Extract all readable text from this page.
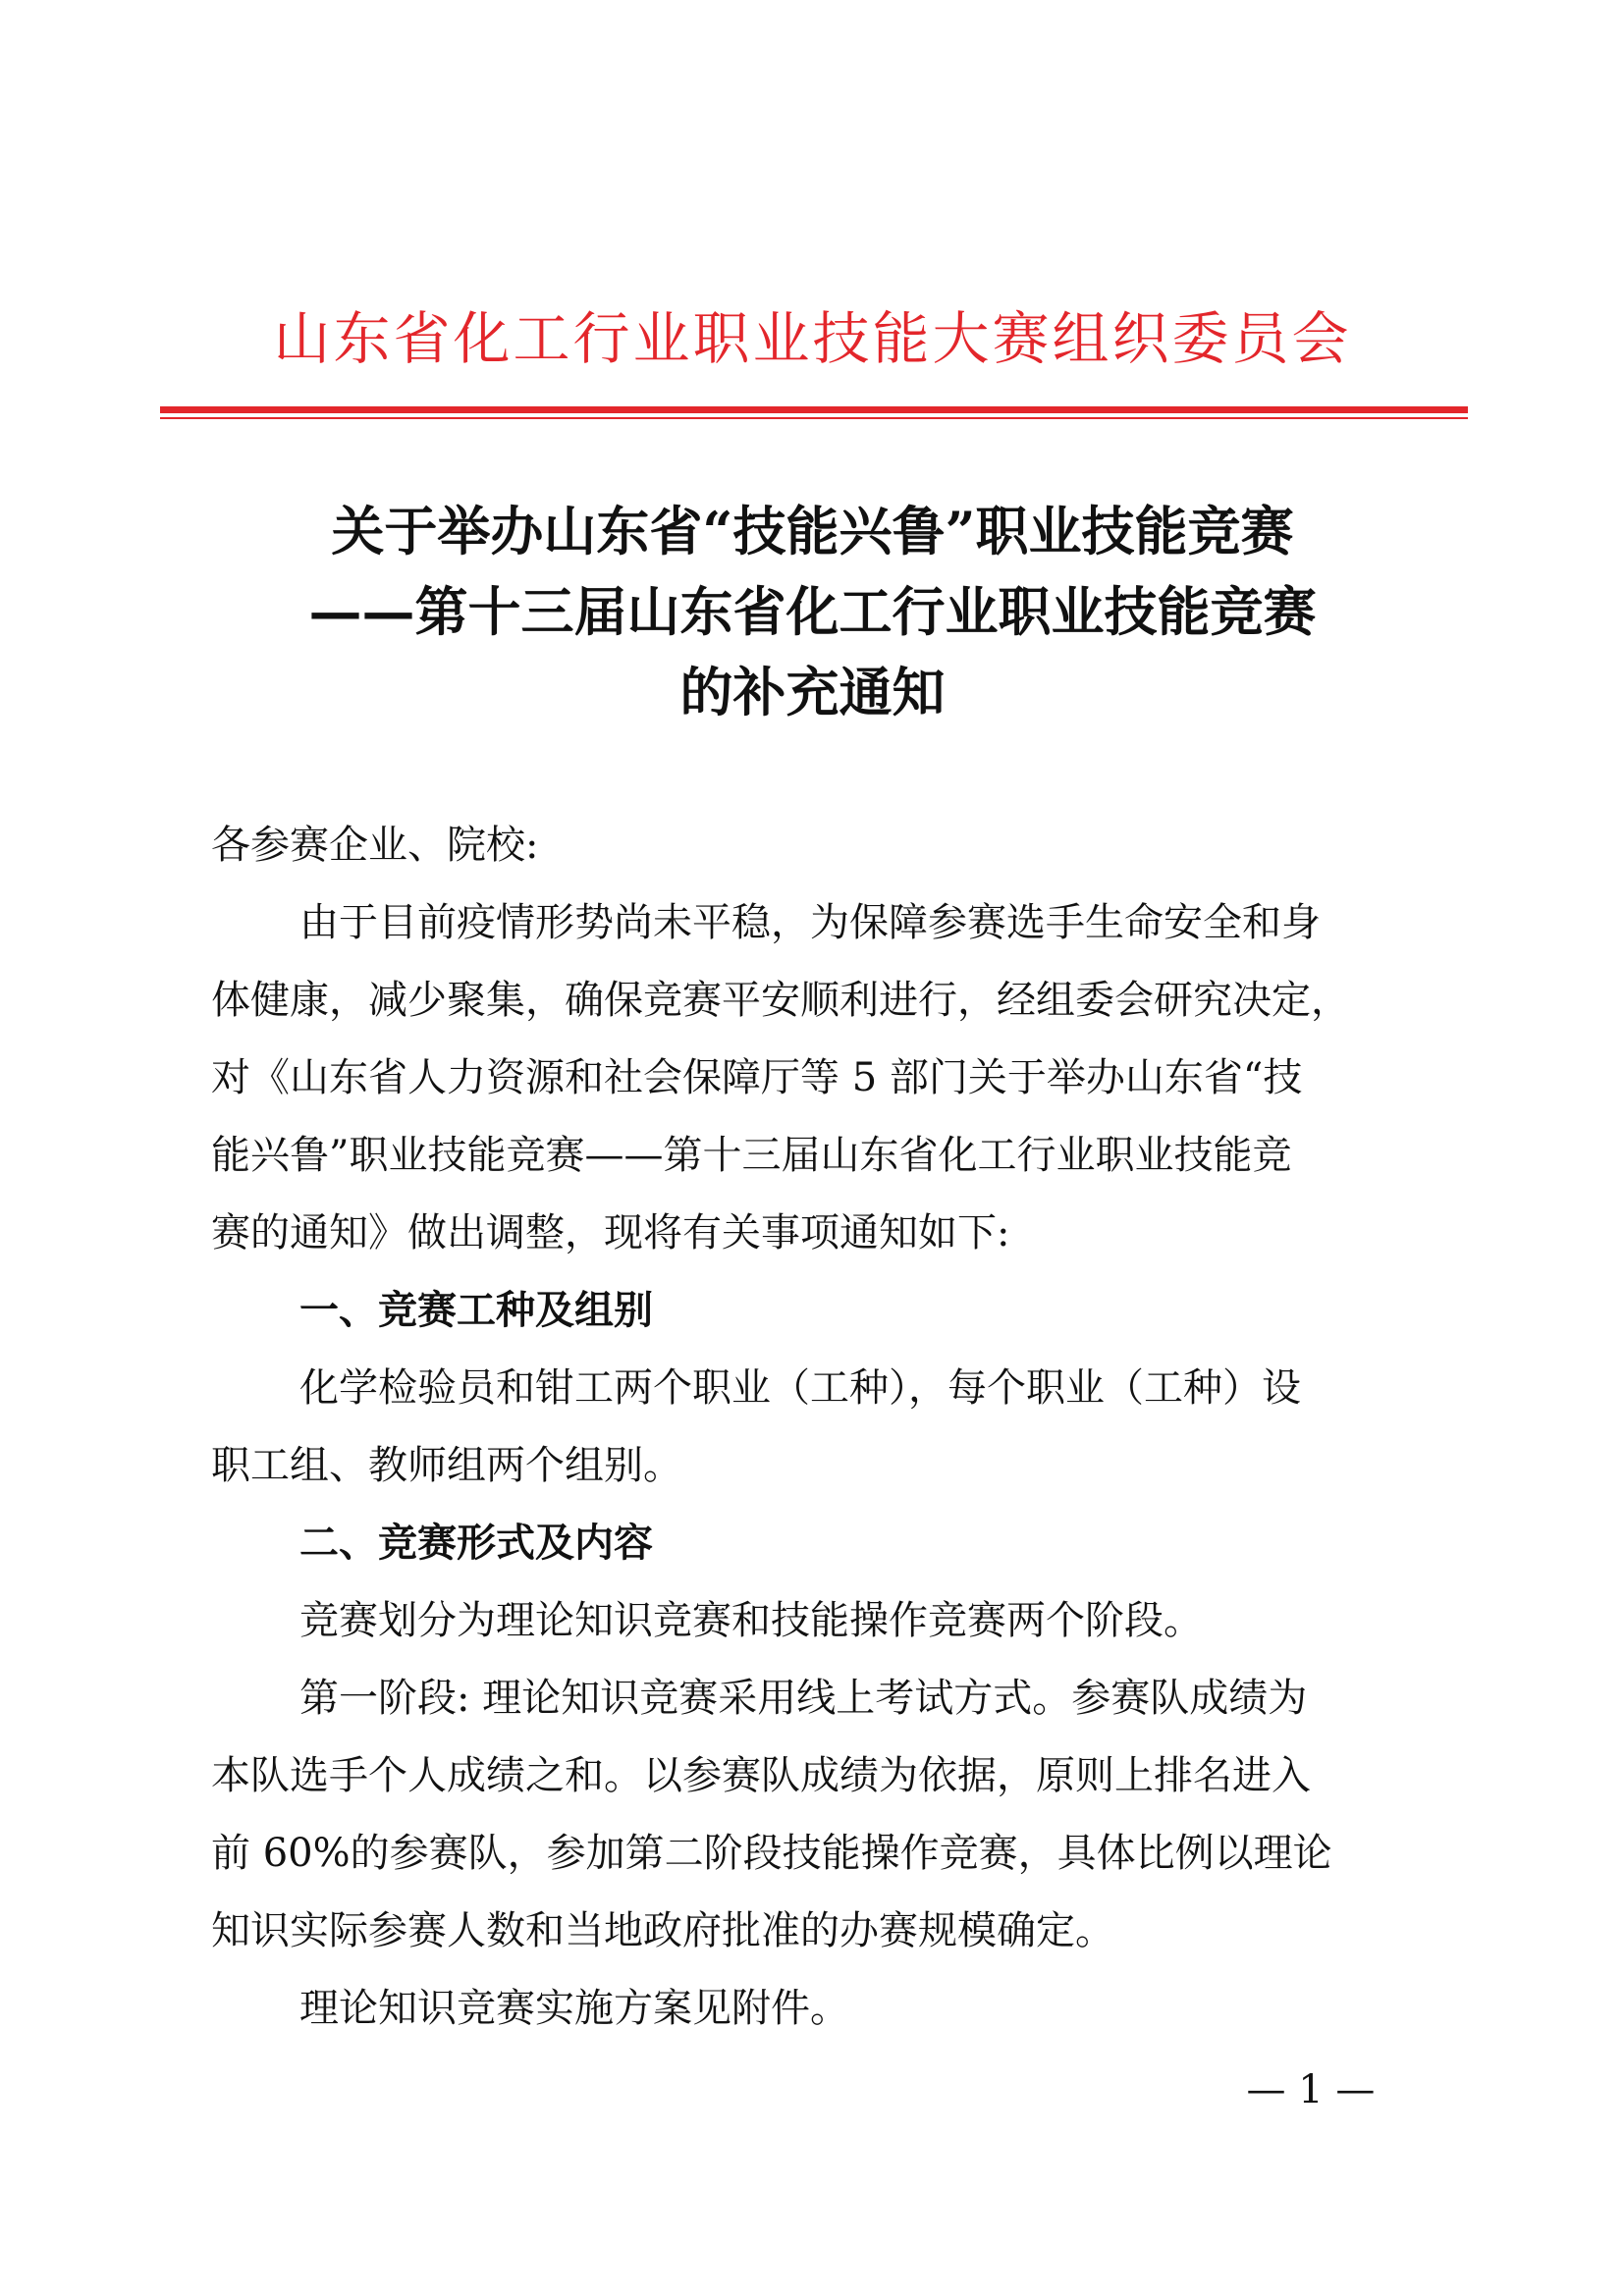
山东省化工行业职业技能大赛组织委员会
关于举办山东省“技能兴鲁”职业技能竞赛
——第十三届山东省化工行业职业技能竞赛
的补充通知

各参赛企业、院校:

由于目前疫情形势尚未平稳，为保障参赛选手生命安全和身

体健康，减少聚集，确保竞赛平安顺利进行，经组委会研究决定，

对《山东省人力资源和社会保障厅等 5 部门关于举办山东省“技

能兴鲁”职业技能竞赛——第十三届山东省化工行业职业技能竞

赛的通知》做出调整，现将有关事项通知如下:

一、竞赛工种及组别

化学检验员和钳工两个职业（工种），每个职业（工种）设

职工组、教师组两个组别。

二、竞赛形式及内容

竞赛划分为理论知识竞赛和技能操作竞赛两个阶段。

第一阶段: 理论知识竞赛采用线上考试方式。参赛队成绩为

本队选手个人成绩之和。以参赛队成绩为依据，原则上排名进入

前 60%的参赛队，参加第二阶段技能操作竞赛，具体比例以理论

知识实际参赛人数和当地政府批准的办赛规模确定。

理论知识竞赛实施方案见附件。

— 1 —
